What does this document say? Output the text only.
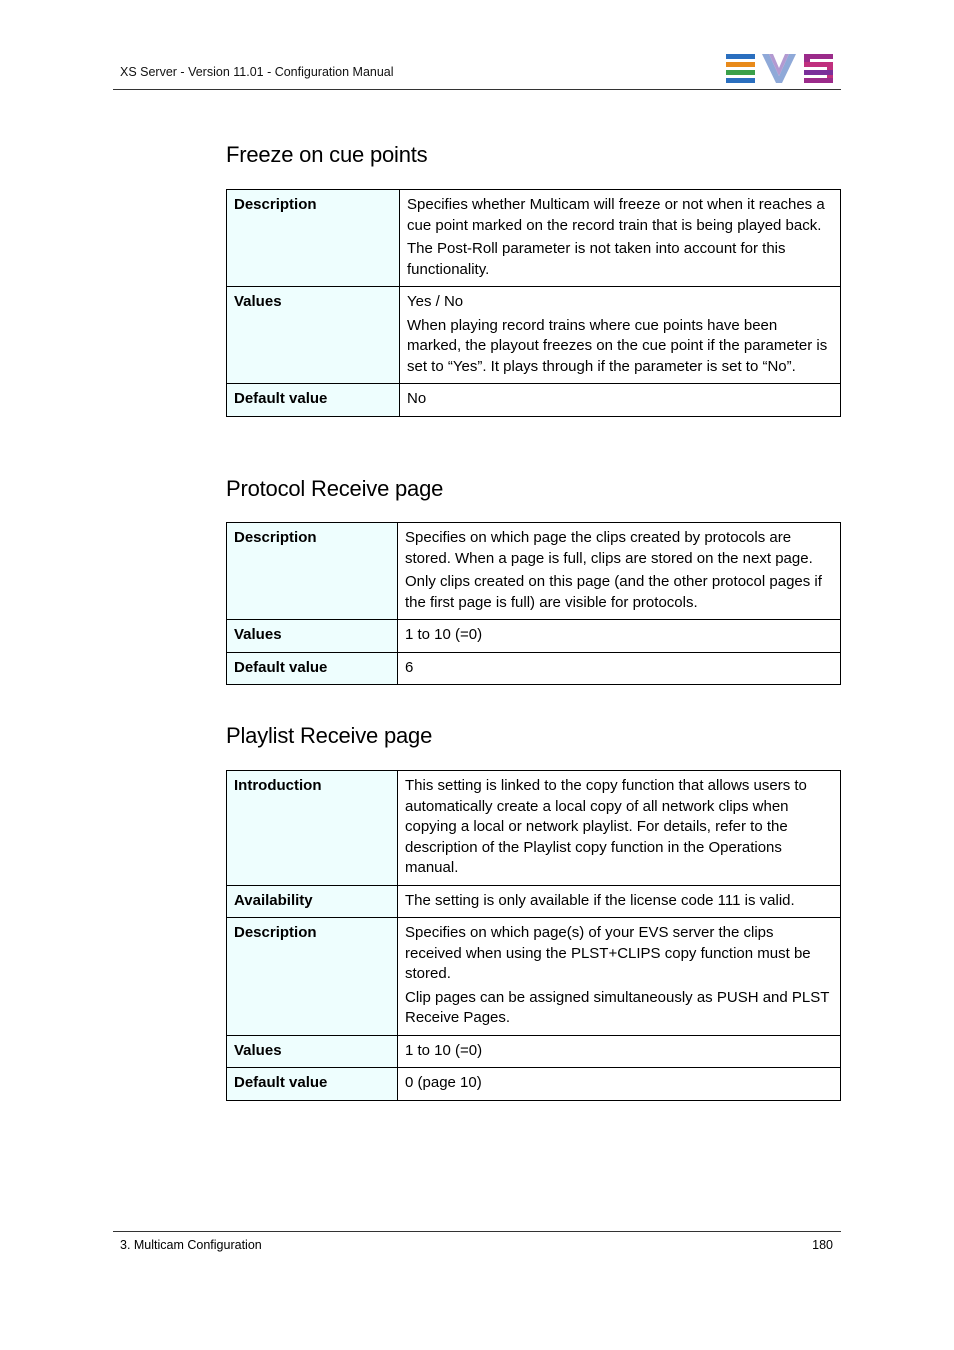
XS Server - Version 11.01 - Configuration Manual
Freeze on cue points
Description	Specifies whether Multicam will freeze or not when it reaches a cue point marked on the record train that is being played back.

The Post-Roll parameter is not taken into account for this functionality.

Values	Yes / No

When playing record trains where cue points have been marked, the playout freezes on the cue point if the parameter is set to “Yes”. It plays through if the parameter is set to “No”.

Default value	No

Protocol Receive page
Description	Specifies on which page the clips created by protocols are stored. When a page is full, clips are stored on the next page.

Only clips created on this page (and the other protocol pages if the first page is full) are visible for protocols.

Values	1 to 10 (=0)

Default value	6

Playlist Receive page
Introduction	This setting is linked to the copy function that allows users to automatically create a local copy of all network clips when copying a local or network playlist. For details, refer to the description of the Playlist copy function in the Operations manual.

Availability	The setting is only available if the license code 111 is valid.

Description	Specifies on which page(s) of your EVS server the clips received when using the PLST+CLIPS copy function must be stored.

Clip pages can be assigned simultaneously as PUSH and PLST Receive Pages.

Values	1 to 10 (=0)

Default value	0 (page 10)

3. Multicam Configuration	180
